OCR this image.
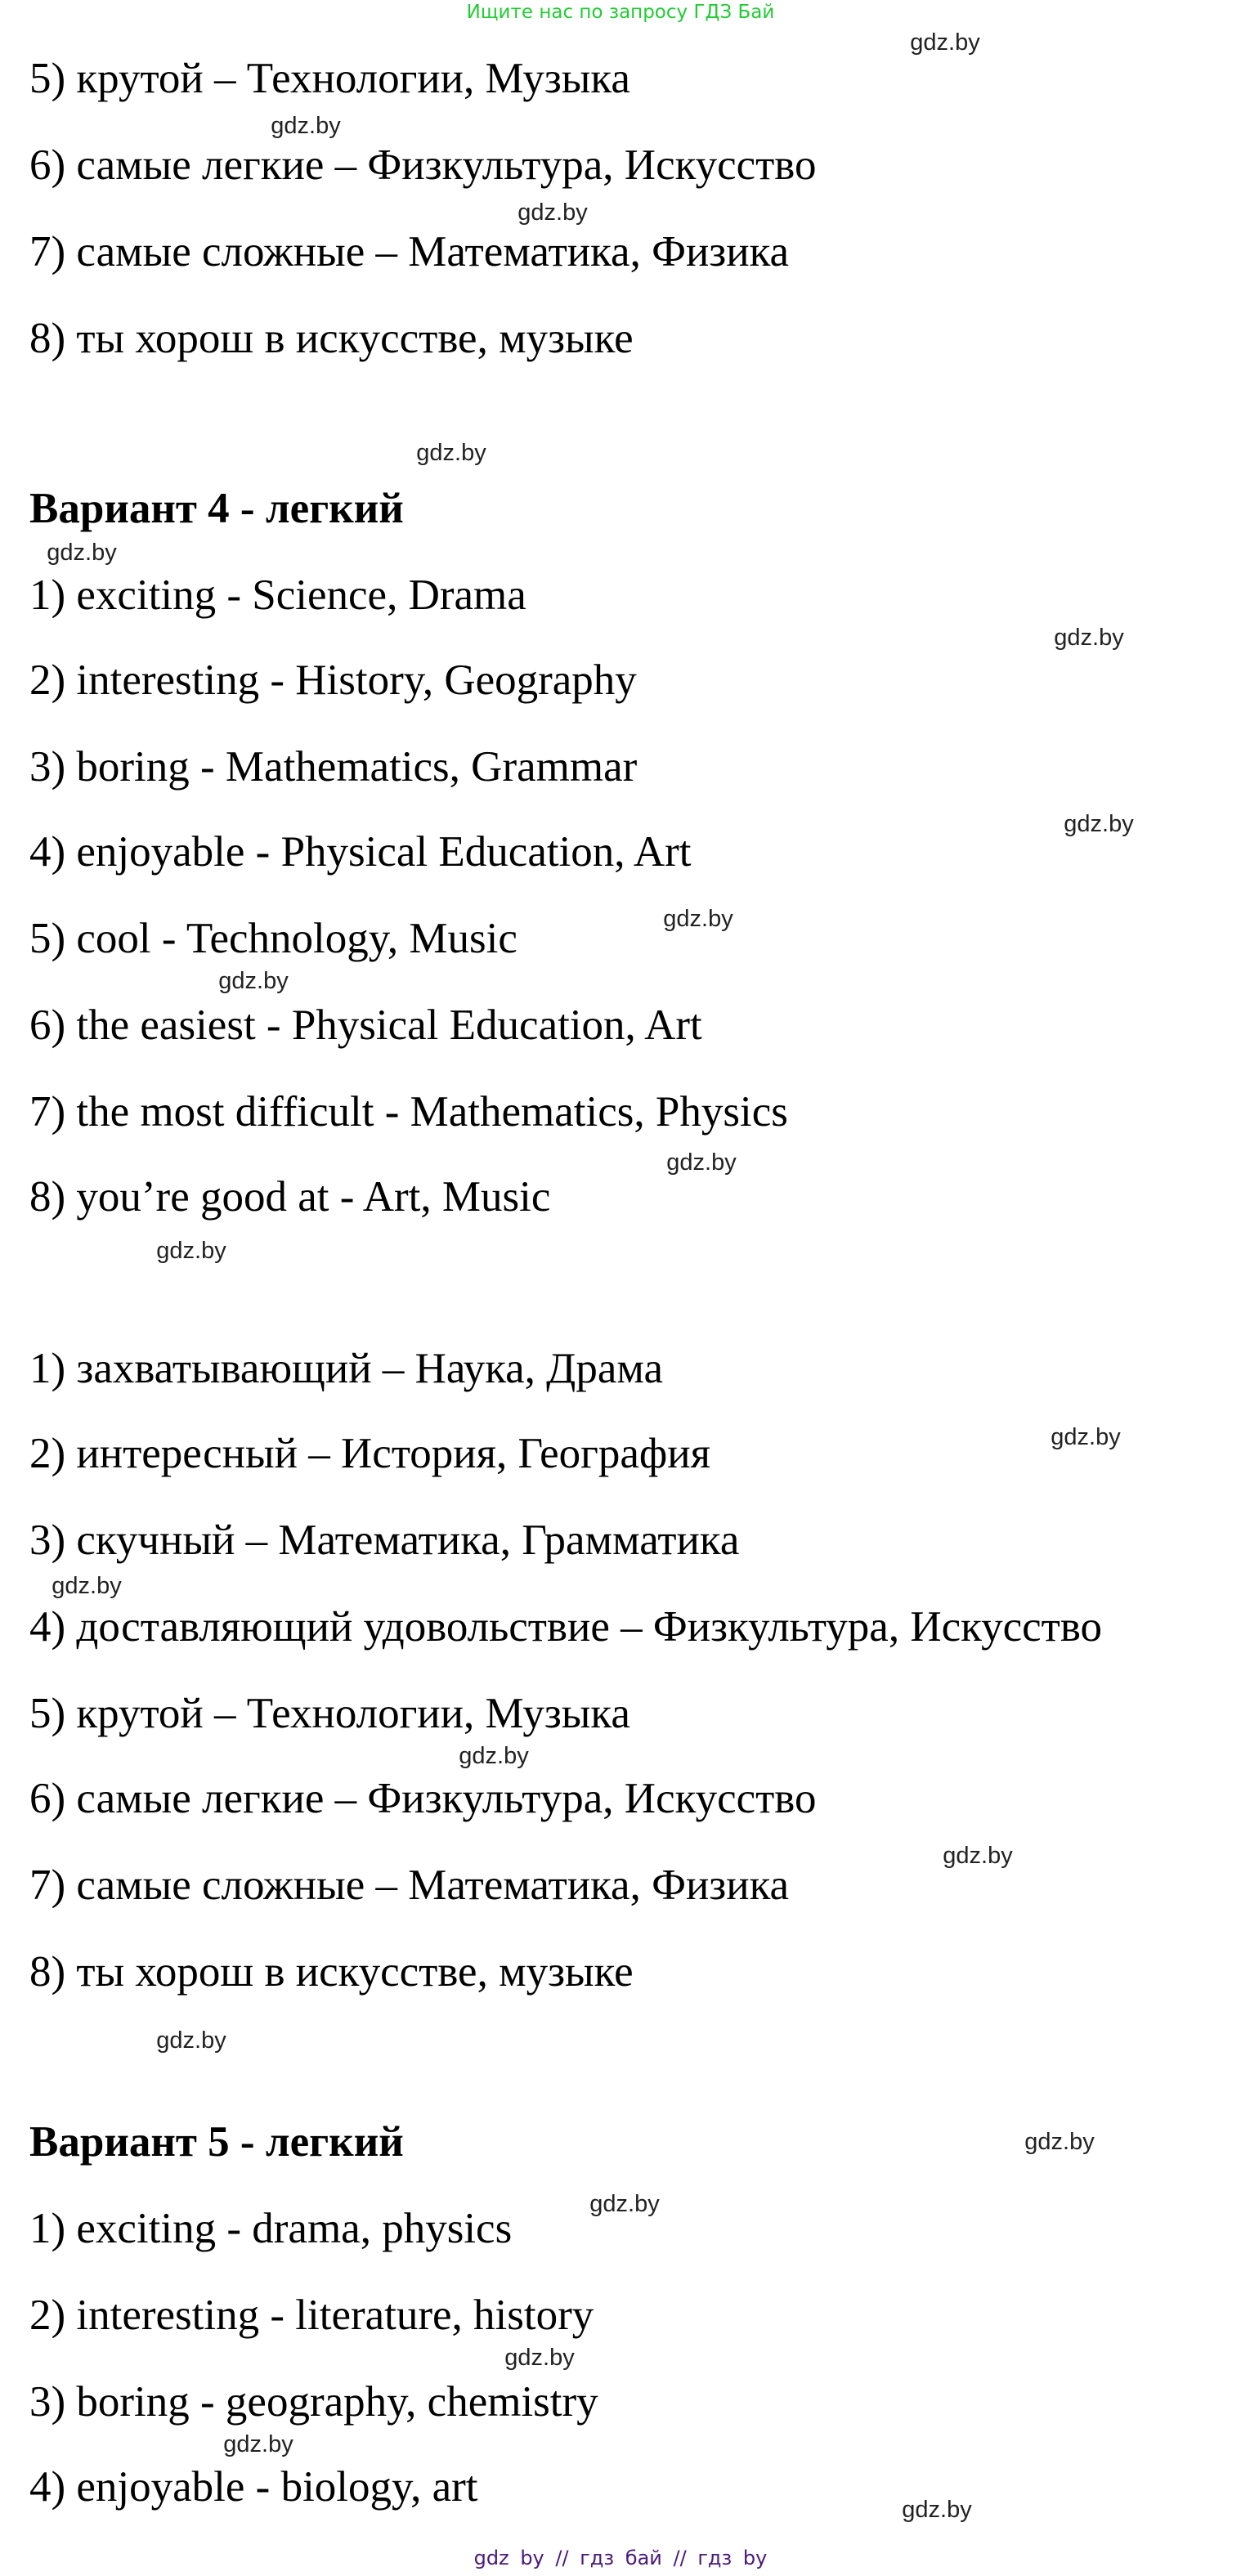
Ищите нас по запросу ГДЗ Бай
5) крутой – Технологии, Музыка
6) самые легкие – Физкультура, Искусство
7) самые сложные – Математика, Физика
8) ты хорош в искусстве, музыке
Вариант 4 - легкий
1) exciting - Science, Drama
2) interesting - History, Geography
3) boring - Mathematics, Grammar
4) enjoyable - Physical Education, Art
5) cool - Technology, Music
6) the easiest - Physical Education, Art
7) the most difficult - Mathematics, Physics
8) you’re good at - Art, Music
1) захватывающий – Наука, Драма
2) интересный – История, География
3) скучный – Математика, Грамматика
4) доставляющий удовольствие – Физкультура, Искусство
5) крутой – Технологии, Музыка
6) самые легкие – Физкультура, Искусство
7) самые сложные – Математика, Физика
8) ты хорош в искусстве, музыке
Вариант 5 - легкий
1) exciting - drama, physics
2) interesting - literature, history
3) boring - geography, chemistry
4) enjoyable - biology, art
gdz.by
gdz.by
gdz.by
gdz.by
gdz.by
gdz.by
gdz.by
gdz.by
gdz.by
gdz.by
gdz.by
gdz.by
gdz.by
gdz.by
gdz.by
gdz.by
gdz.by
gdz.by
gdz.by
gdz.by
gdz.by
gdz by // гдз бай // гдз by
